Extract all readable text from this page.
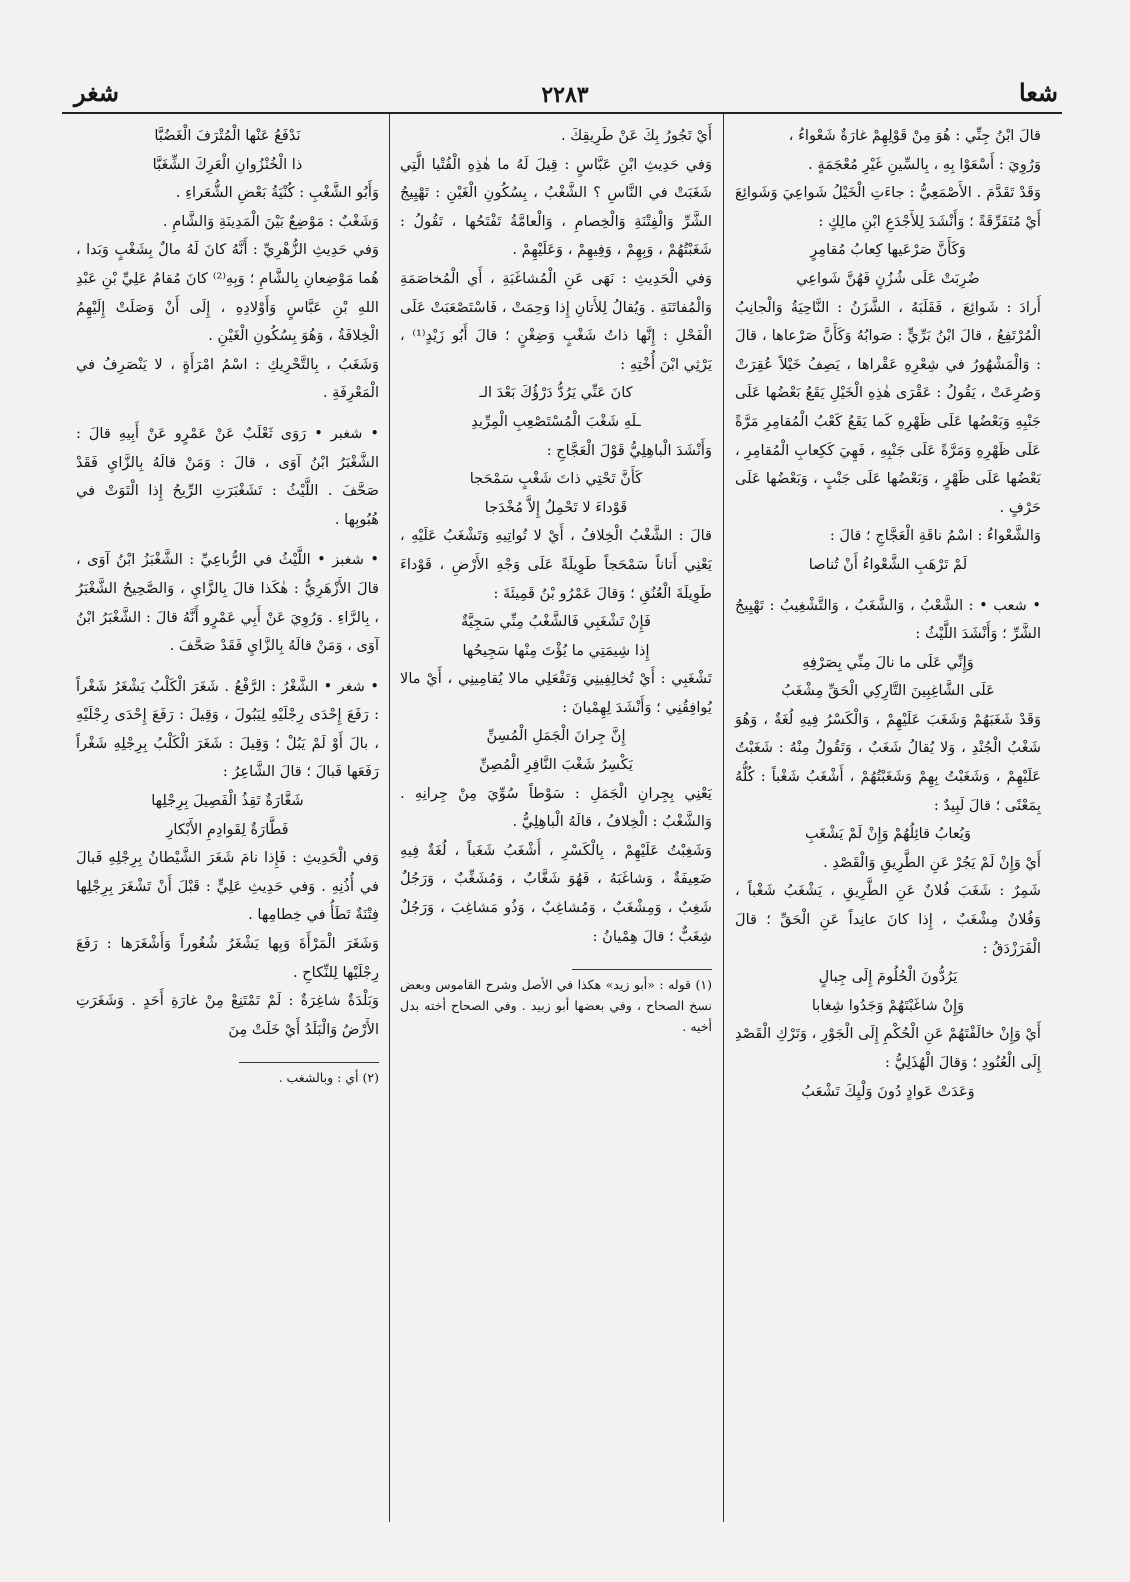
شعا
٢٢٨٣
شغر

قالَ ابْنُ جِنِّي : هُوَ مِنْ قَوْلِهِمْ غارَةٌ شَعْواءُ ،

وَرُوِيَ : أَسْعَوْا بِهِ ، بِالسِّينِ غَيْرِ مُعْجَمَةٍ .

وَقَدْ تَقَدَّمَ . الأَصْمَعِيُّ : جاءَتِ الْخَيْلُ شَواعِيَ وَشَوائِعَ أَيْ مُتَفَرِّقَةً ؛ وَأَنْشَدَ لِلأَجْدَعِ ابْنِ مالِكٍ :

وَكَأَنَّ صَرْعَيها كِعابُ مُقامِرٍ

ضُرِبَتْ عَلَى شُزُنٍ فَهُنَّ شَواعِي

أَرادَ : شَوائِعَ ، فَقَلَبَهُ ، الشَّزَنُ : النَّاحِيَةُ وَالْجانِبُ الْمُرْتَفِعُ ، قالَ ابْنُ بَرِّيٍّ : صَوابُهُ وَكَأَنَّ صَرْعاها ، قالَ : وَالْمَشْهُورُ في شِعْرِهِ عَقْراها ، يَصِفُ خَيْلاً عُقِرَتْ وَصُرِعَتْ ، يَقُولُ : عَقْرَى هٰذِهِ الْخَيْلِ يَقَعُ بَعْضُها عَلَى جَنْبِهِ وَبَعْضُها عَلَى ظَهْرِهِ كَما يَقَعُ كَعْبُ الْمُقامِرِ مَرَّةً عَلَى ظَهْرِهِ وَمَرَّةً عَلَى جَنْبِهِ ، فَهِيَ كَكِعابِ الْمُقامِرِ ، بَعْضُها عَلَى ظَهْرٍ ، وَبَعْضُها عَلَى جَنْبٍ ، وَبَعْضُها عَلَى حَرْفٍ .

وَالشَّعْواءُ : اسْمُ ناقَةِ الْعَجَّاجِ ؛ قالَ :

لَمْ تَرْهَبِ الشَّعْواءُ أَنْ تُناصا

• شعب • : الشَّعْبُ ، وَالشَّغَبُ ، وَالتَّشْغِيبُ : تَهْيِيجُ الشَّرِّ ؛ وَأَنْشَدَ اللَّيْثُ :

وَإِنِّي عَلَى ما نالَ مِنِّي بِصَرْفِهِ

عَلَى الشَّاغِبِينَ التَّارِكِي الْحَقِّ مِشْغَبُ

وَقَدْ شَغَبَهُمْ وَشَغَبَ عَلَيْهِمْ ، وَالْكَسْرُ فِيهِ لُغَةٌ ، وَهُوَ شَغْبُ الْجُنْدِ ، وَلا يُقالُ شَغَبٌ ، وَتَقُولُ مِنْهُ : شَغَبْتُ عَلَيْهِمْ ، وَشَغَبْتُ بِهِمْ وَشَغَبْتُهُمْ ، أَشْغَبُ شَغْباً : كُلُّهُ بِمَعْنًى ؛ قالَ لَبِيدٌ :

وَيُعابُ قائِلُهُمْ وَإِنْ لَمْ يَشْغَبِ

أَيْ وَإِنْ لَمْ يَجُرْ عَنِ الطَّرِيقِ وَالْقَصْدِ .

شَمِرٌ : شَغَبَ فُلانٌ عَنِ الطَّرِيقِ ، يَشْغَبُ شَغْباً ، وَفُلانٌ مِشْغَبٌ ، إِذا كانَ عانِداً عَنِ الْحَقِّ ؛ قالَ الْفَرَزْدَقُ :

يَرُدُّونَ الْحُلُومَ إِلَى جِبالٍ

وَإِنْ شاغَبْتَهُمْ وَجَدُوا شِغابا

أَيْ وَإِنْ خالَفْتَهُمْ عَنِ الْحُكْمِ إِلَى الْجَوْرِ ، وَتَرْكِ الْقَصْدِ إِلَى الْعُنُودِ ؛ وَقالَ الْهُذَلِيُّ :

وَعَدَتْ عَوادٍ دُونَ وَلْيِكَ تَشْعَبُ

أَيْ تَجُورُ بِكَ عَنْ طَرِيقِكَ .

وَفي حَدِيثِ ابْنِ عَبَّاسٍ : قِيلَ لَهُ ما هٰذِهِ الْفُتْيا الَّتِي شَغَبَتْ في النَّاسِ ؟ الشَّغْبُ ، بِسُكُونِ الْغَيْنِ : تَهْيِيجُ الشَّرِّ وَالْفِتْنَةِ وَالْخِصامِ ، وَالْعامَّةُ تَفْتَحُها ، تَقُولُ : شَغَبْتُهُمْ ، وَبِهِمْ ، وَفِيهِمْ ، وَعَلَيْهِمْ .

وَفي الْحَدِيثِ : نَهَى عَنِ الْمُشاغَبَةِ ، أَي الْمُخاصَمَةِ وَالْمُفاتَنَةِ . وَيُقالُ لِلأَتانِ إِذا وَحِمَتْ ، فَاسْتَصْعَبَتْ عَلَى الْفَحْلِ : إِنَّها ذاتُ شَغْبٍ وَضِغْنٍ ؛ قالَ أَبُو زَيْدٍ⁽¹⁾ ، يَرْثِي ابْنَ أُخْتِهِ :

كانَ عَنِّي يَرُدُّ دَرْؤُكَ بَعْدَ الـ

ـلَهِ شَغْبَ الْمُسْتَصْعِبِ الْمِرِّيدِ

وَأَنْشَدَ الْباهِلِيُّ قَوْلَ الْعَجَّاجِ :

كَأَنَّ تَحْتِي ذاتَ شَغْبٍ سَمْحَجا

قَوْداءَ لا تَحْمِلُ إِلاَّ مُخْدَجا

قالَ : الشَّغْبُ الْخِلافُ ، أَيْ لا تُواتِيهِ وَتَشْغَبُ عَلَيْهِ ، يَعْنِي أَتاناً سَمْحَجاً طَوِيلَةً عَلَى وَجْهِ الأَرْضِ ، قَوْداءَ طَوِيلَةَ الْعُنُقِ ؛ وَقالَ عَمْرُو بْنُ قَمِيئَةَ :

فَإِنْ تَشْغَبِي فَالشَّغْبُ مِنِّي سَجِيَّةٌ

إِذا شِيمَتِي ما يُؤْتَ مِنْها سَجِيحُها

تَشْغَبِي : أَيْ تُخالِفِينِي وَتَفْعَلِي مالا يُقامِينِي ، أَيْ مالا يُوافِقُنِي ؛ وَأَنْشَدَ لِهِمْيانَ :

إِنَّ جِرانَ الْجَمَلِ الْمُسِنِّ

يَكْسِرُ شَغْبَ النَّافِرِ الْمُصِنِّ

يَعْنِي بِجِرانِ الْجَمَلِ : سَوْطاً سُوِّيَ مِنْ جِرانِهِ . وَالشَّغْبُ : الْخِلافُ ، قالَهُ الْباهِلِيُّ .

وَشَغِبْتُ عَلَيْهِمْ ، بِالْكَسْرِ ، أَشْغَبُ شَغَباً ، لُغَةٌ فِيهِ ضَعِيفَةٌ ، وَشاغَبَهُ ، فَهُوَ شَغَّابٌ ، وَمُشَغِّبٌ ، وَرَجُلٌ شَغِبٌ ، وَمِشْغَبٌ ، وَمُشاغِبٌ ، وَذُو مَشاغِبَ ، وَرَجُلٌ شِغَبٌّ ؛ قالَ هِمْيانُ :

(١) قوله : «أبو زيد» هكذا في الأصل وشرح القاموس وبعض نسخ الصحاح ، وفي بعضها أبو زبيد . وفي الصحاح أخته بدل أخيه .

نَدْفَعُ عَنْها الْمُتْرَفَ الْغَضُبَّا

ذا الْخُنْزُوانِ الْعَرِكَ الشِّغَبَّا

وَأَبُو الشَّغْبِ : كُنْيَةُ بَعْضِ الشُّعَراءِ .

وَشَغْبٌ : مَوْضِعٌ بَيْنَ الْمَدِينَةِ وَالشَّامِ .

وَفي حَدِيثِ الزُّهْرِيِّ : أَنَّهُ كانَ لَهُ مالٌ بِشَغْبٍ وَبَدا ، هُما مَوْضِعانِ بِالشَّامِ ؛ وَبِهِ⁽²⁾ كانَ مُقامُ عَلِيِّ بْنِ عَبْدِ اللهِ بْنِ عَبَّاسٍ وَأَوْلادِهِ ، إِلَى أَنْ وَصَلَتْ إِلَيْهِمُ الْخِلافَةُ ، وَهُوَ بِسُكُونِ الْغَيْنِ .

وَشَغَبُ ، بِالتَّحْرِيكِ : اسْمُ امْرَأَةٍ ، لا يَنْصَرِفُ في الْمَعْرِفَةِ .

• شغبر • رَوَى ثَعْلَبٌ عَنْ عَمْرٍو عَنْ أَبِيهِ قالَ : الشَّغْبَرُ ابْنُ آوَى ، قالَ : وَمَنْ قالَهُ بِالزَّايِ فَقَدْ صَحَّفَ . اللَّيْثُ : تَشَغْبَرَتِ الرِّيحُ إِذا الْتَوَتْ في هُبُوبِها .

• شغبز • اللَّيْثُ في الرُّباعِيِّ : الشَّغْبَزُ ابْنُ آوَى ، قالَ الأَزْهَرِيُّ : هٰكَذا قالَ بِالزَّايِ ، وَالصَّحِيحُ الشَّغْبَرُ ، بِالرَّاءِ . وَرُوِيَ عَنْ أَبِي عَمْرٍو أَنَّهُ قالَ : الشَّغْبَرُ ابْنُ آوَى ، وَمَنْ قالَهُ بِالزَّايِ فَقَدْ صَحَّفَ .

• شغر • الشَّغْرُ : الرَّفْعُ . شَغَرَ الْكَلْبُ يَشْغَرُ شَغْراً : رَفَعَ إِحْدَى رِجْلَيْهِ لِيَبُولَ ، وَقِيلَ : رَفَعَ إِحْدَى رِجْلَيْهِ ، بالَ أَوْ لَمْ يَبُلْ ؛ وَقِيلَ : شَغَرَ الْكَلْبُ بِرِجْلِهِ شَغْراً رَفَعَها فَبالَ ؛ قالَ الشَّاعِرُ :

شَغَّارَةٌ تَقِذُ الْفَصِيلَ بِرِجْلِها

فَطَّارَةٌ لِقَوادِمِ الأَبْكارِ

وَفي الْحَدِيثِ : فَإِذا نامَ شَغَرَ الشَّيْطانُ بِرِجْلِهِ فَبالَ في أُذُنِهِ . وَفي حَدِيثِ عَلِيٍّ : قَبْلَ أَنْ تَشْغَرَ بِرِجْلِها فِتْنَةٌ تَطَأُ في خِطامِها .

وَشَغَرَ الْمَرْأَةَ وَبِها يَشْغَرُ شُغُوراً وَأَشْغَرَها : رَفَعَ رِجْلَيْها لِلنِّكاحِ .

وَبَلْدَةٌ شاغِرَةٌ : لَمْ تَمْتَنِعْ مِنْ غارَةِ أَحَدٍ . وَشَغَرَتِ الأَرْضُ وَالْبَلَدُ أَيْ خَلَتْ مِنَ

(٢) أي : وبالشغب .
